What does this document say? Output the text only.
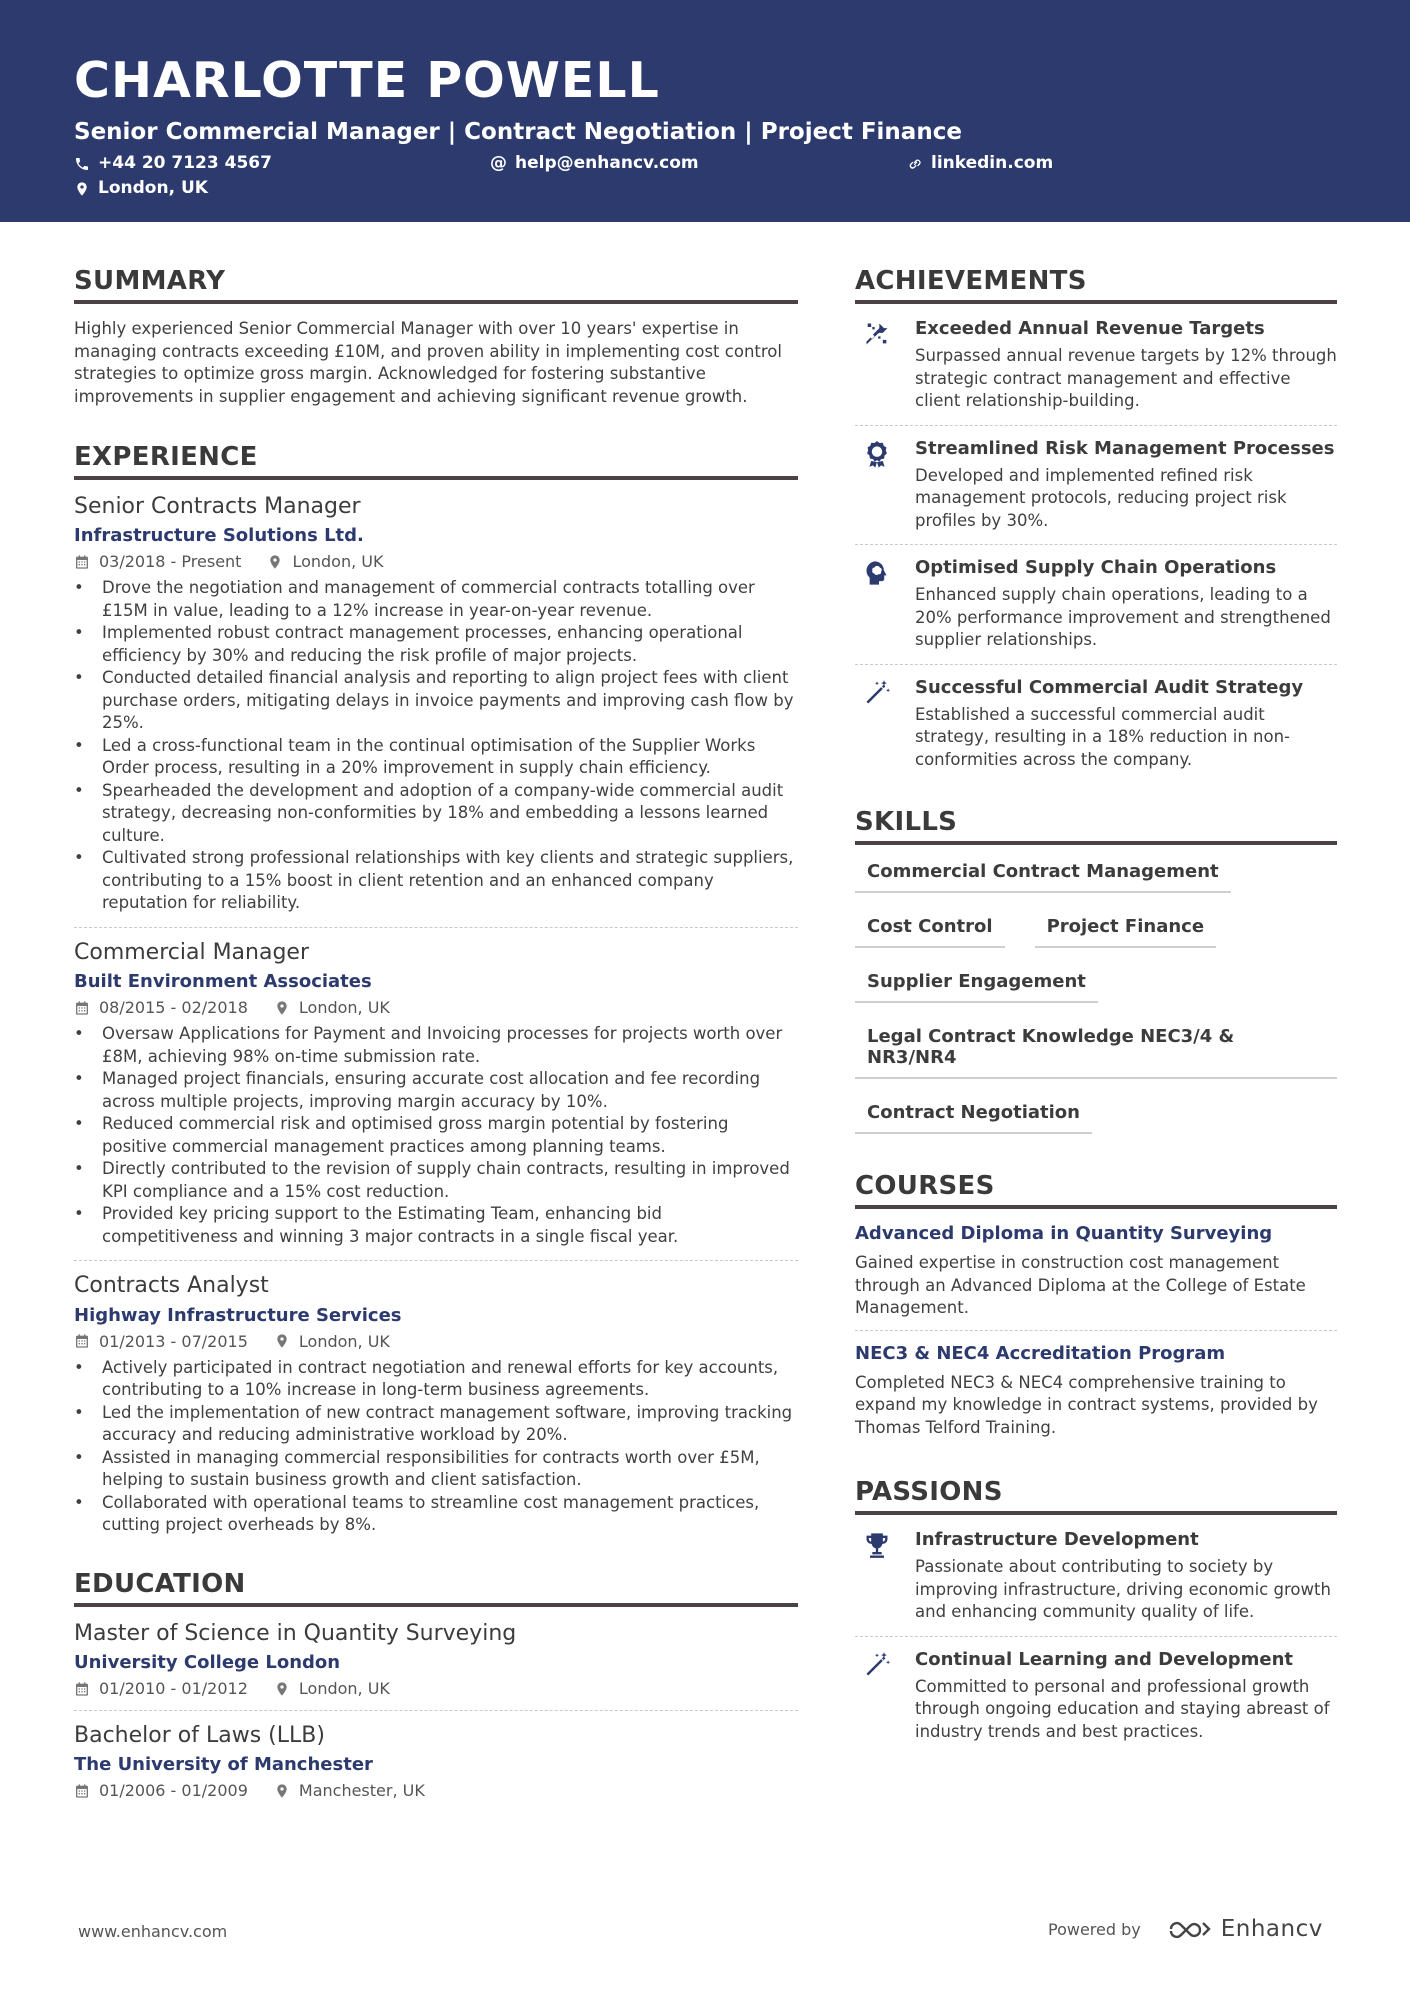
CHARLOTTE POWELL
Senior Commercial Manager | Contract Negotiation | Project Finance
+44 20 7123 4567	@ help@enhancv.com	linkedin.com
London, UK
SUMMARY
Highly experienced Senior Commercial Manager with over 10 years' expertise in managing contracts exceeding £10M, and proven ability in implementing cost control strategies to optimize gross margin. Acknowledged for fostering substantive improvements in supplier engagement and achieving significant revenue growth.
EXPERIENCE
Senior Contracts Manager
Infrastructure Solutions Ltd.
03/2018 - Present	London, UK
• Drove the negotiation and management of commercial contracts totalling over £15M in value, leading to a 12% increase in year-on-year revenue.
• Implemented robust contract management processes, enhancing operational efficiency by 30% and reducing the risk profile of major projects.
• Conducted detailed financial analysis and reporting to align project fees with client purchase orders, mitigating delays in invoice payments and improving cash flow by 25%.
• Led a cross-functional team in the continual optimisation of the Supplier Works Order process, resulting in a 20% improvement in supply chain efficiency.
• Spearheaded the development and adoption of a company-wide commercial audit strategy, decreasing non-conformities by 18% and embedding a lessons learned culture.
• Cultivated strong professional relationships with key clients and strategic suppliers, contributing to a 15% boost in client retention and an enhanced company reputation for reliability.
Commercial Manager
Built Environment Associates
08/2015 - 02/2018	London, UK
• Oversaw Applications for Payment and Invoicing processes for projects worth over £8M, achieving 98% on-time submission rate.
• Managed project financials, ensuring accurate cost allocation and fee recording across multiple projects, improving margin accuracy by 10%.
• Reduced commercial risk and optimised gross margin potential by fostering positive commercial management practices among planning teams.
• Directly contributed to the revision of supply chain contracts, resulting in improved KPI compliance and a 15% cost reduction.
• Provided key pricing support to the Estimating Team, enhancing bid competitiveness and winning 3 major contracts in a single fiscal year.
Contracts Analyst
Highway Infrastructure Services
01/2013 - 07/2015	London, UK
• Actively participated in contract negotiation and renewal efforts for key accounts, contributing to a 10% increase in long-term business agreements.
• Led the implementation of new contract management software, improving tracking accuracy and reducing administrative workload by 20%.
• Assisted in managing commercial responsibilities for contracts worth over £5M, helping to sustain business growth and client satisfaction.
• Collaborated with operational teams to streamline cost management practices, cutting project overheads by 8%.
EDUCATION
Master of Science in Quantity Surveying
University College London
01/2010 - 01/2012	London, UK
Bachelor of Laws (LLB)
The University of Manchester
01/2006 - 01/2009	Manchester, UK
ACHIEVEMENTS
Exceeded Annual Revenue Targets
Surpassed annual revenue targets by 12% through strategic contract management and effective client relationship-building.
Streamlined Risk Management Processes
Developed and implemented refined risk management protocols, reducing project risk profiles by 30%.
Optimised Supply Chain Operations
Enhanced supply chain operations, leading to a 20% performance improvement and strengthened supplier relationships.
Successful Commercial Audit Strategy
Established a successful commercial audit strategy, resulting in a 18% reduction in non-conformities across the company.
SKILLS
Commercial Contract Management
Cost Control	Project Finance
Supplier Engagement
Legal Contract Knowledge NEC3/4 & NR3/NR4
Contract Negotiation
COURSES
Advanced Diploma in Quantity Surveying
Gained expertise in construction cost management through an Advanced Diploma at the College of Estate Management.
NEC3 & NEC4 Accreditation Program
Completed NEC3 & NEC4 comprehensive training to expand my knowledge in contract systems, provided by Thomas Telford Training.
PASSIONS
Infrastructure Development
Passionate about contributing to society by improving infrastructure, driving economic growth and enhancing community quality of life.
Continual Learning and Development
Committed to personal and professional growth through ongoing education and staying abreast of industry trends and best practices.
www.enhancv.com	Powered by	Enhancv
